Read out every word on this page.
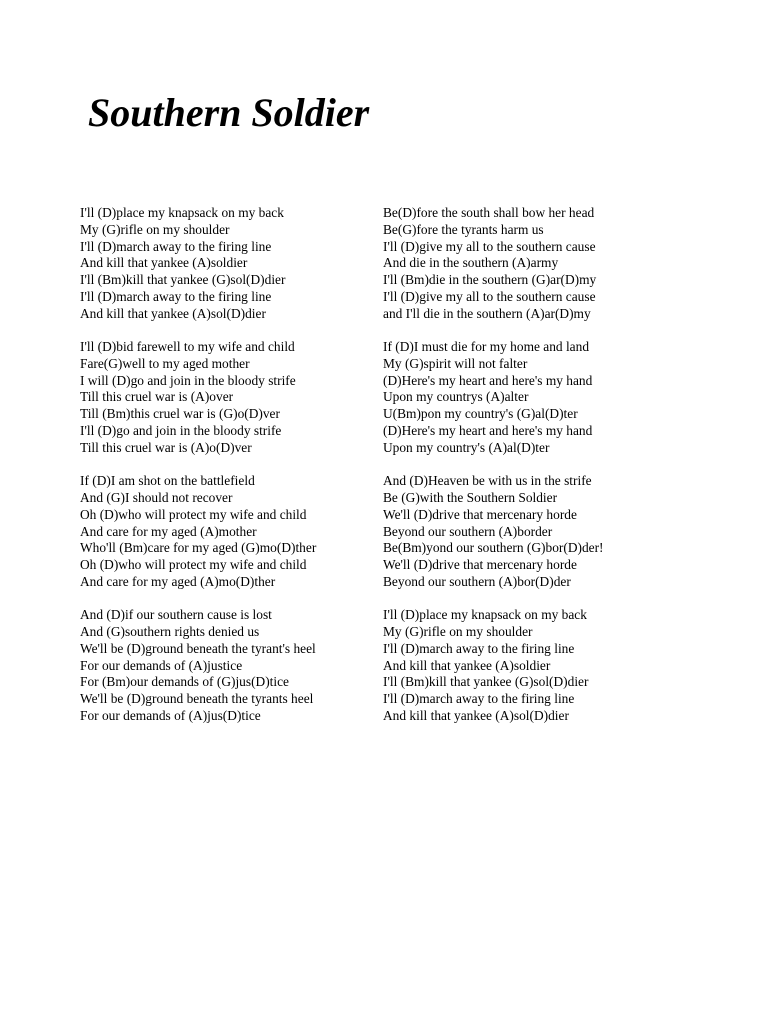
Southern Soldier
I'll (D)place my knapsack on my back
My (G)rifle on my shoulder
I'll (D)march away to the firing line
And kill that yankee (A)soldier
I'll (Bm)kill that yankee (G)sol(D)dier
I'll (D)march away to the firing line
And kill that yankee (A)sol(D)dier
I'll (D)bid farewell to my wife and child
Fare(G)well to my aged mother
I will (D)go and join in the bloody strife
Till this cruel war is (A)over
Till (Bm)this cruel war is (G)o(D)ver
I'll (D)go and join in the bloody strife
Till this cruel war is (A)o(D)ver
If (D)I am shot on the battlefield
And (G)I should not recover
Oh (D)who will protect my wife and child
And care for my aged (A)mother
Who'll (Bm)care for my aged (G)mo(D)ther
Oh (D)who will protect my wife and child
And care for my aged (A)mo(D)ther
And (D)if our southern cause is lost
And (G)southern rights denied us
We'll be (D)ground beneath the tyrant's heel
For our demands of (A)justice
For (Bm)our demands of (G)jus(D)tice
We'll be (D)ground beneath the tyrants heel
For our demands of (A)jus(D)tice
Be(D)fore the south shall bow her head
Be(G)fore the tyrants harm us
I'll (D)give my all to the southern cause
And die in the southern (A)army
I'll (Bm)die in the southern (G)ar(D)my
I'll (D)give my all to the southern cause
and I'll die in the southern (A)ar(D)my
If (D)I must die for my home and land
My (G)spirit will not falter
(D)Here's my heart and here's my hand
Upon my countrys (A)alter
U(Bm)pon my country's (G)al(D)ter
(D)Here's my heart and here's my hand
Upon my country's (A)al(D)ter
And (D)Heaven be with us in the strife
Be (G)with the Southern Soldier
We'll (D)drive that mercenary horde
Beyond our southern (A)border
Be(Bm)yond our southern (G)bor(D)der!
We'll (D)drive that mercenary horde
Beyond our southern (A)bor(D)der
I'll (D)place my knapsack on my back
My (G)rifle on my shoulder
I'll (D)march away to the firing line
And kill that yankee (A)soldier
I'll (Bm)kill that yankee (G)sol(D)dier
I'll (D)march away to the firing line
And kill that yankee (A)sol(D)dier
